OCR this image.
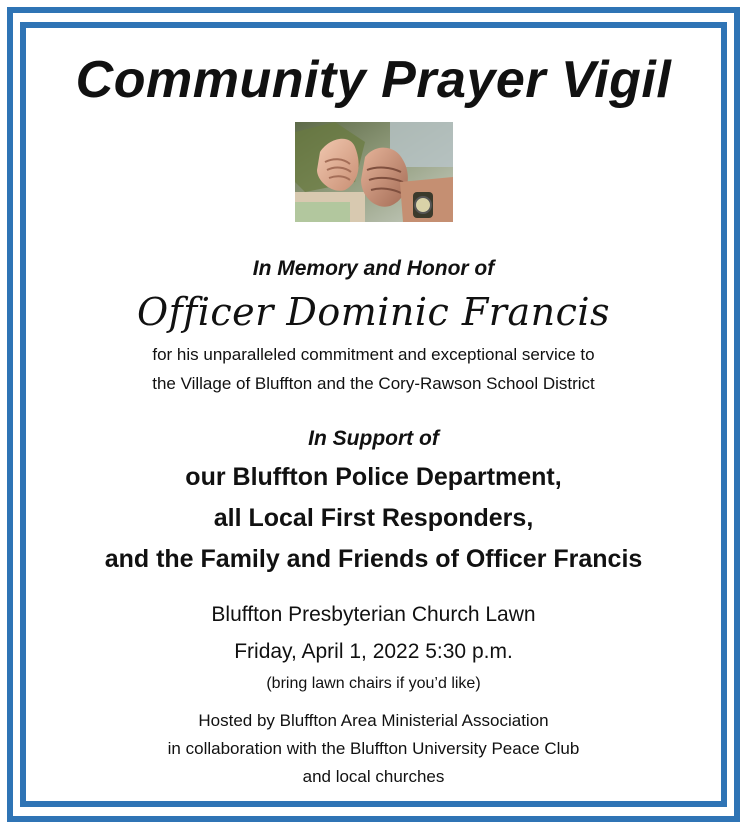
Community Prayer Vigil
In Memory and Honor of
Officer Dominic Francis
for his unparalleled commitment and exceptional service to
the Village of Bluffton and the Cory-Rawson School District
In Support of
our Bluffton Police Department,
all Local First Responders,
and the Family and Friends of Officer Francis
Bluffton Presbyterian Church Lawn
Friday, April 1, 2022 5:30 p.m.
(bring lawn chairs if you’d like)
Hosted by Bluffton Area Ministerial Association
in collaboration with the Bluffton University Peace Club
and local churches
